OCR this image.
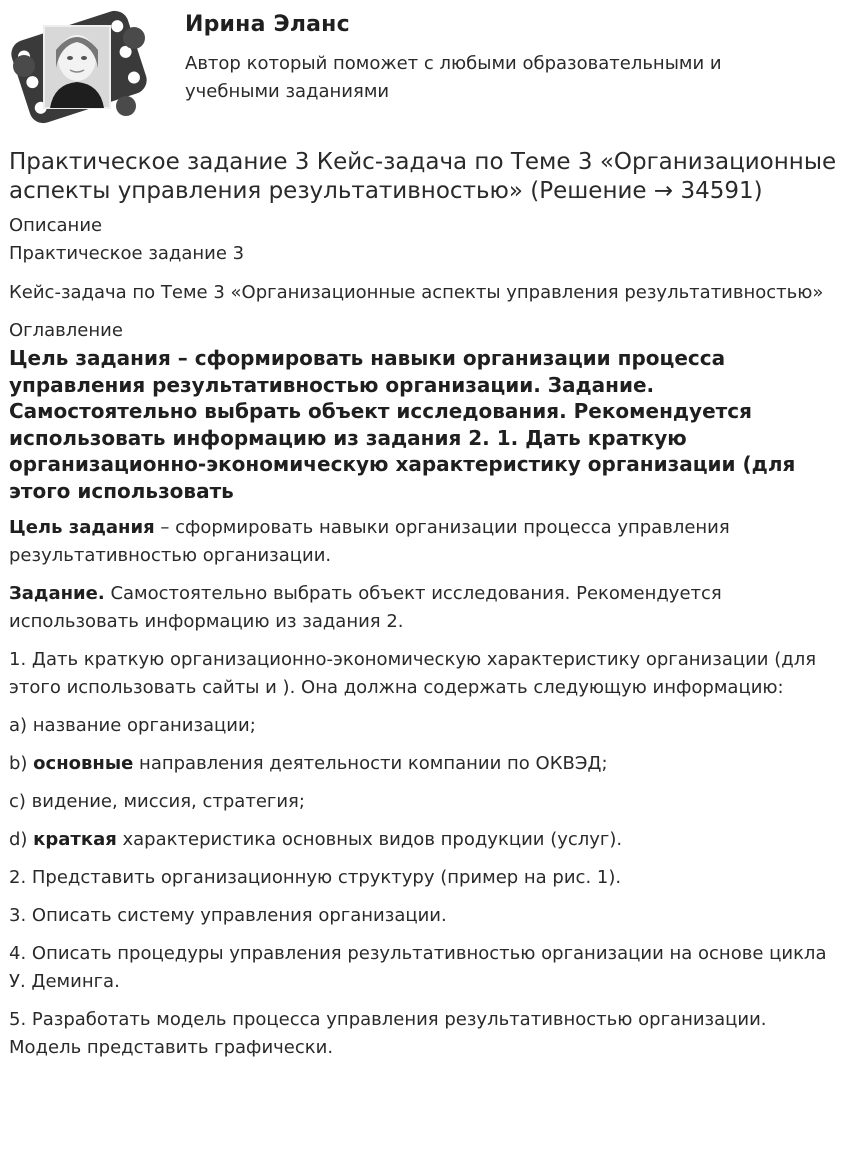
Ирина Эланс
Автор который поможет с любыми образовательными и учебными заданиями
Практическое задание 3 Кейс-задача по Теме 3 «Организационные аспекты управления результативностью» (Решение → 34591)
Описание
Практическое задание 3
Кейс-задача по Теме 3 «Организационные аспекты управления результативностью»
Оглавление
Цель задания – сформировать навыки организации процесса управления результативностью организации. Задание. Самостоятельно выбрать объект исследования. Рекомендуется использовать информацию из задания 2. 1. Дать краткую организационно-экономическую характеристику организации (для этого использовать
Цель задания – сформировать навыки организации процесса управления результативностью организации.
Задание. Самостоятельно выбрать объект исследования. Рекомендуется использовать информацию из задания 2.
1. Дать краткую организационно-экономическую характеристику организации (для этого использовать сайты и ). Она должна содержать следующую информацию:
a) название организации;
b) основные направления деятельности компании по ОКВЭД;
c) видение, миссия, стратегия;
d) краткая характеристика основных видов продукции (услуг).
2. Представить организационную структуру (пример на рис. 1).
3. Описать систему управления организации.
4. Описать процедуры управления результативностью организации на основе цикла У. Деминга.
5. Разработать модель процесса управления результативностью организации. Модель представить графически.
